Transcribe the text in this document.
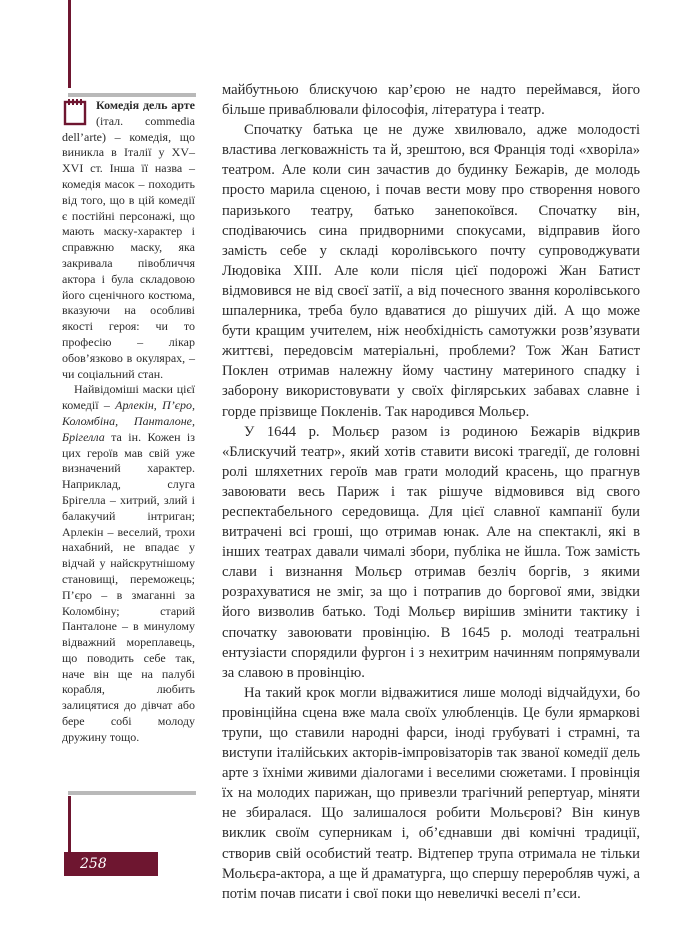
Комедія дель арте (італ. commedia dell’arte) – комедія, що виникла в Італії у XV–XVI ст. Інша її назва – комедія масок – походить від того, що в цій комедії є постійні персонажі, що мають маску-характер і справжню маску, яка закривала півобличчя актора і була складовою його сценічного костюма, вказуючи на особливі якості героя: чи то професію – лікар обов’язково в окулярах, – чи соціальний стан.

Найвідоміші маски цієї комедії – Арлекін, П’єро, Коломбіна, Панталоне, Брігелла та ін. Кожен із цих героїв мав свій уже визначений характер. Наприклад, слуга Брігелла – хитрий, злий і балакучий інтриган; Арлекін – веселий, трохи нахабний, не впадає у відчай у найскрутнішому становищі, переможець; П’єро – в змаганні за Коломбіну; старий Панталоне – в минулому відважний мореплавець, що поводить себе так, наче він ще на палубі корабля, любить залицятися до дівчат або бере собі молоду дружину тощо.

майбутньою блискучою кар’єрою не надто переймався, його більше приваблювали філософія, література і театр.

Спочатку батька це не дуже хвилювало, адже молодості властива легковажність та й, зрештою, вся Франція тоді «хворіла» театром. Але коли син зачастив до будинку Бежарів, де молодь просто марила сценою, і почав вести мову про створення нового паризького театру, батько занепокоївся. Спочатку він, сподіваючись сина придворними спокусами, відправив його замість себе у складі королівського почту супроводжувати Людовіка XIII. Але коли після цієї подорожі Жан Батист відмовився не від своєї затії, а від почесного звання королівського шпалерника, треба було вдаватися до рішучих дій. А що може бути кращим учителем, ніж необхідність самотужки розв’язувати життєві, передовсім матеріальні, проблеми? Тож Жан Батист Поклен отримав належну йому частину материного спадку і заборону використовувати у своїх фіглярських забавах славне і горде прізвище Покленів. Так народився Мольєр.

У 1644 р. Мольєр разом із родиною Бежарів відкрив «Блискучий театр», який хотів ставити високі трагедії, де головні ролі шляхетних героїв мав грати молодий красень, що прагнув завоювати весь Париж і так рішуче відмовився від свого респектабельного середовища. Для цієї славної кампанії були витрачені всі гроші, що отримав юнак. Але на спектаклі, які в інших театрах давали чималі збори, публіка не йшла. Тож замість слави і визнання Мольєр отримав безліч боргів, з якими розрахуватися не зміг, за що і потрапив до боргової ями, звідки його визволив батько. Тоді Мольєр вирішив змінити тактику і спочатку завоювати провінцію. В 1645 р. молоді театральні ентузіасти спорядили фургон і з нехитрим начинням попрямували за славою в провінцію.

На такий крок могли відважитися лише молоді відчайдухи, бо провінційна сцена вже мала своїх улюбленців. Це були ярмаркові трупи, що ставили народні фарси, іноді грубуваті і страмні, та виступи італійських акторів-імпровізаторів так званої комедії дель арте з їхніми живими діалогами і веселими сюжетами. І провінція їх на молодих парижан, що привезли трагічний репертуар, міняти не збиралася. Що залишалося робити Мольєрові? Він кинув виклик своїм суперникам і, об’єднавши дві комічні традиції, створив свій особистий театр. Відтепер трупа отримала не тільки Мольєра-актора, а ще й драматурга, що спершу переробляв чужі, а потім почав писати і свої поки що невеличкі веселі п’єси.

258
